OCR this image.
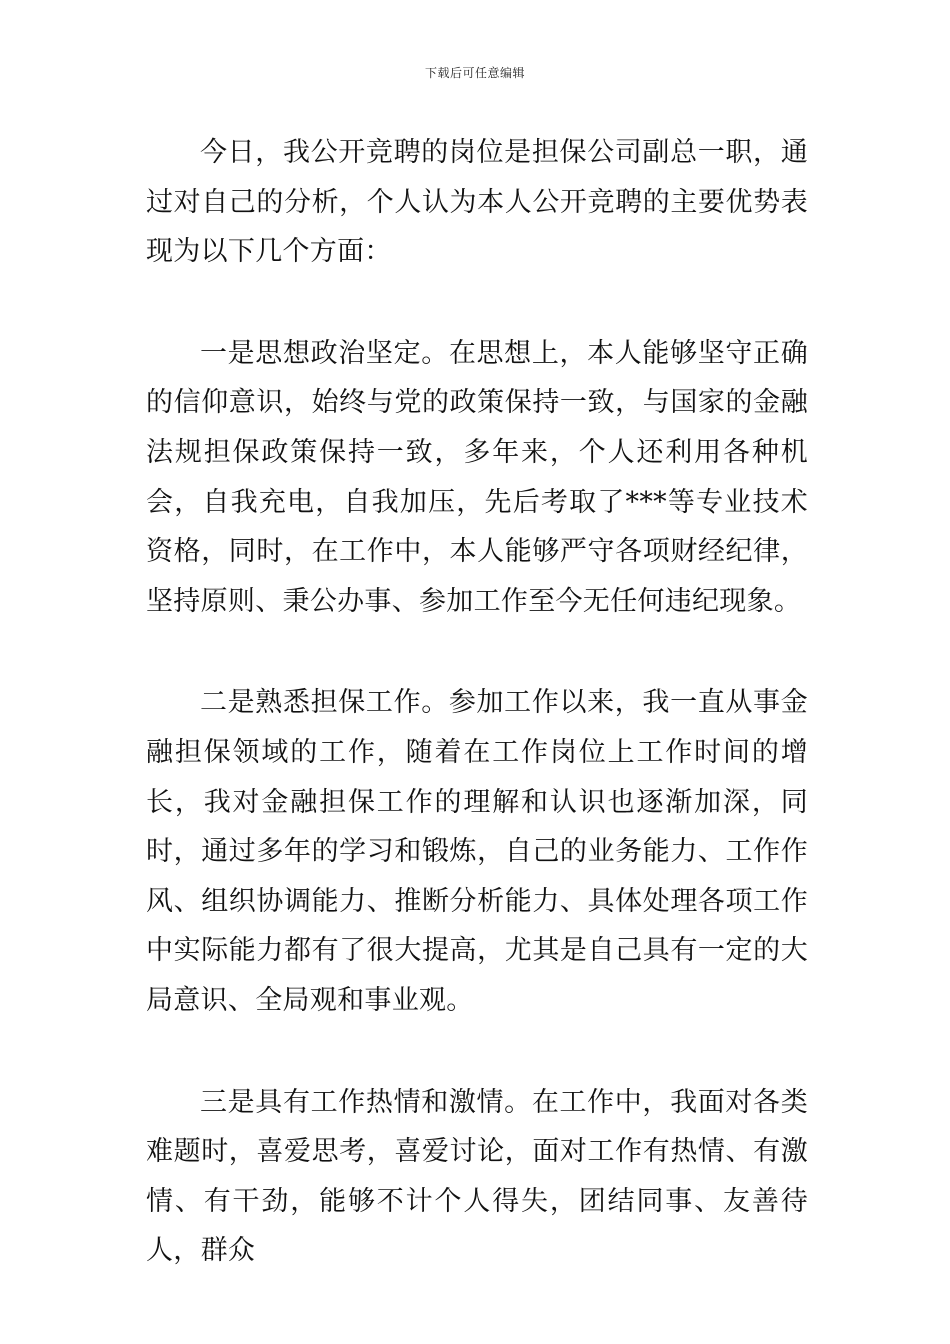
下载后可任意编辑

今日，我公开竞聘的岗位是担保公司副总一职，通过对自己的分析，个人认为本人公开竞聘的主要优势表现为以下几个方面：

一是思想政治坚定。在思想上，本人能够坚守正确的信仰意识，始终与党的政策保持一致，与国家的金融法规担保政策保持一致，多年来，个人还利用各种机会，自我充电，自我加压，先后考取了***等专业技术资格，同时，在工作中，本人能够严守各项财经纪律，坚持原则、秉公办事、参加工作至今无任何违纪现象。

二是熟悉担保工作。参加工作以来，我一直从事金融担保领域的工作，随着在工作岗位上工作时间的增长，我对金融担保工作的理解和认识也逐渐加深，同时，通过多年的学习和锻炼，自己的业务能力、工作作风、组织协调能力、推断分析能力、具体处理各项工作中实际能力都有了很大提高，尤其是自己具有一定的大局意识、全局观和事业观。

三是具有工作热情和激情。在工作中，我面对各类难题时，喜爱思考，喜爱讨论，面对工作有热情、有激情、有干劲，能够不计个人得失，团结同事、友善待人，群众
